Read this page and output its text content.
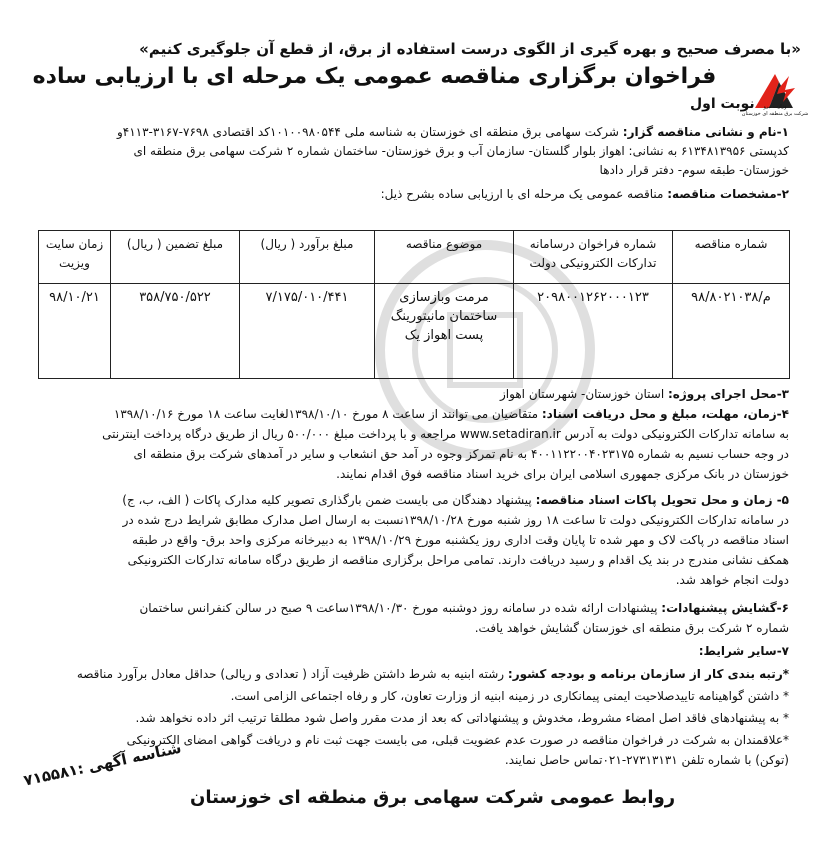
«با مصرف صحیح و بهره گیری از الگوی درست استفاده از برق، از قطع آن جلوگیری کنیم»
وزارت نیرو
شرکت برق منطقه ای خوزستان
فراخوان برگزاری مناقصه عمومی یک مرحله ای با ارزیابی ساده
نوبت اول
۱-نام و نشانی مناقصه گزار: شرکت سهامی برق منطقه ای خوزستان به شناسه ملی ۱۰۱۰۰۹۸۰۵۴۴کد اقتصادی ۷۶۹۸-۳۱۶۷-۴۱۱۳و
کدپستی ۶۱۳۴۸۱۳۹۵۶ به نشانی: اهواز بلوار گلستان- سازمان آب و برق خوزستان- ساختمان شماره ۲ شرکت سهامی برق منطقه ای
خوزستان- طبقه سوم- دفتر قرار دادها
۲-مشخصات مناقصه: مناقصه عمومی یک مرحله ای با ارزیابی ساده بشرح ذیل:
شماره مناقصه	شماره فراخوان درسامانه تدارکات الکترونیکی دولت	موضوع مناقصه	مبلغ برآورد ( ریال)	مبلغ تضمین ( ریال)	زمان سایت ویزیت
م/۹۸/۸۰۲۱۰۳۸	۲۰۹۸۰۰۱۲۶۲۰۰۰۱۲۳	مرمت وبازسازی ساختمان مانیتورینگ پست اهواز یک	۷/۱۷۵/۰۱۰/۴۴۱	۳۵۸/۷۵۰/۵۲۲	۹۸/۱۰/۲۱
۳-محل اجرای پروژه: استان خوزستان- شهرستان اهواز
۴-زمان، مهلت، مبلغ و محل دریافت اسناد: متقاضیان می توانند از ساعت ۸ مورخ ۱۳۹۸/۱۰/۱۰لغایت ساعت ۱۸ مورخ ۱۳۹۸/۱۰/۱۶
به سامانه تدارکات الکترونیکی دولت به آدرس www.setadiran.ir مراجعه و با پرداخت مبلغ ۵۰۰/۰۰۰ ریال از طریق درگاه پرداخت اینترنتی
در وجه حساب نسیم به شماره ۴۰۰۱۱۲۲۰۰۴۰۲۳۱۷۵ به نام تمرکز وجوه در آمد حق انشعاب و سایر در آمدهای شرکت برق منطقه ای
خوزستان در بانک مرکزی جمهوری اسلامی ایران برای خرید اسناد مناقصه فوق اقدام نمایند.
۵- زمان و محل تحویل پاکات اسناد مناقصه: پیشنهاد دهندگان می بایست ضمن بارگذاری تصویر کلیه مدارک پاکات ( الف، ب، ج)
در سامانه تدارکات الکترونیکی دولت تا ساعت ۱۸ روز شنبه مورخ ۱۳۹۸/۱۰/۲۸نسبت به ارسال اصل مدارک مطابق شرایط درج شده در
اسناد مناقصه در پاکت لاک و مهر شده تا پایان وقت اداری روز یکشنبه مورخ ۱۳۹۸/۱۰/۲۹ به دبیرخانه مرکزی واحد برق- واقع در طبقه
همکف نشانی مندرج در بند یک اقدام و رسید دریافت دارند. تمامی مراحل برگزاری مناقصه از طریق درگاه سامانه تدارکات الکترونیکی
دولت انجام خواهد شد.
۶-گشایش پیشنهادات: پیشنهادات ارائه شده در سامانه روز دوشنبه مورخ ۱۳۹۸/۱۰/۳۰ساعت ۹ صبح در سالن کنفرانس ساختمان
شماره ۲ شرکت برق منطقه ای خوزستان گشایش خواهد یافت.
۷-سایر شرایط:
*رتبه بندی کار از سازمان برنامه و بودجه کشور: رشته ابنیه به شرط داشتن ظرفیت آزاد ( تعدادی و ریالی) حداقل معادل برآورد مناقصه
* داشتن گواهینامه تاییدصلاحیت ایمنی پیمانکاری در زمینه ابنیه از وزارت تعاون، کار و رفاه اجتماعی الزامی است.
* به پیشنهادهای فاقد اصل امضاء مشروط، مخدوش و پیشنهاداتی که بعد از مدت مقرر واصل شود مطلقا ترتیب اثر داده نخواهد شد.
*علاقمندان به شرکت در فراخوان مناقصه در صورت عدم عضویت قبلی، می بایست جهت ثبت نام و دریافت گواهی امضای الکترونیکی
(توکن) با شماره تلفن ۲۷۳۱۳۱۳۱-۰۲۱تماس حاصل نمایند.
روابط عمومی شرکت سهامی برق منطقه ای خوزستان
شناسه آگهی :۷۱۵۵۸۱
